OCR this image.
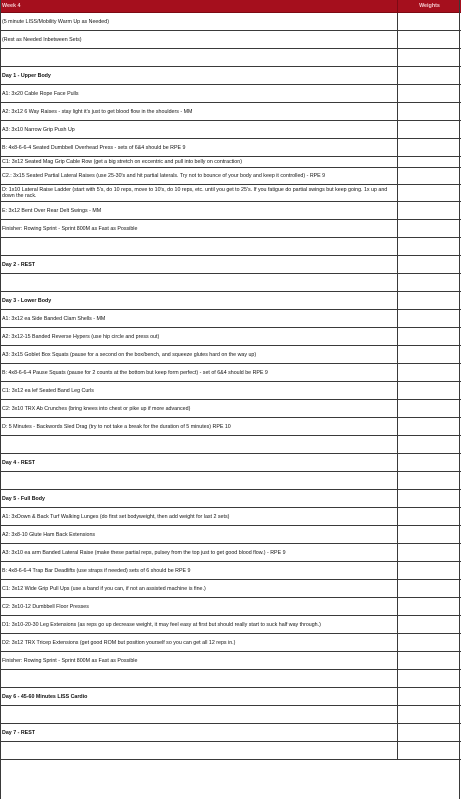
Week 4	Weights
(5 minute LISS/Mobility Warm Up as Needed)
(Rest as Needed Inbetween Sets)
Day 1 - Upper Body
A1: 3x20 Cable Rope Face Pulls
A2: 3x12 6 Way Raises - stay light it's just to get blood flow in the shoulders - MM
A3: 3x10 Narrow Grip Push Up
B: 4x8-6-6-4 Seated Dumbbell Overhead Press - sets of 6&4 should be RPE 9
C1: 3x12 Seated Mag Grip Cable Row (get a big stretch on eccentric and pull into belly on contraction)
C2.: 3x15 Seated Partial Lateral Raises (use 25-30's and hit partial laterals. Try not to bounce of your body and keep it controlled) - RPE 9
D: 1x10 Lateral Raise Ladder (start with 5's, do 10 reps, move to 10's, do 10 reps, etc. until you get to 25's. If you fatigue do partial swings but keep going. 1x up and down the rack.
E: 3x12 Bent Over Rear Delt Swings - MM
Finisher: Rowing Sprint - Sprint 800M as Fast as Possible
Day 2 - REST
Day 3 - Lower Body
A1: 3x12 ea Side Banded Clam Shells - MM
A2: 3x12-15 Banded Reverse Hypers (use hip circle and press out)
A3: 3x15 Goblet Box Squats (pause for a second on the box/bench, and squeeze glutes hard on the way up)
B: 4x8-6-6-4 Pause Squats (pause for 2 counts at the bottom but keep form perfect) - set of 6&4 should be RPE 9
C1: 3x12 ea lef Seated Band Leg Curls
C2: 3x10 TRX Ab Crunches (bring knees into chest or pike up if more advanced)
D: 5 Minutes - Backwords Sled Drag (try to not take a break for the duration of 5 minutes) RPE 10
Day 4 - REST
Day 5 - Full Body
A1: 3xDown & Back Turf Walking Lunges (do first set bodyweight, then add weight for last 2 sets)
A2: 3x8-10 Glute Ham Back Extensions
A3: 3x10 ea arm Banded Lateral Raise (make these partial reps, pulsey from the top just to get good blood flow.) - RPE 9
B: 4x8-6-6-4 Trap Bar Deadlifts (use straps if needed) sets of 6 should be RPE 9
C1: 3x12 Wide Grip Pull Ups (use a band if you can, if not an assisted machine is fine.)
C2: 3x10-12 Dumbbell Floor Presses
D1: 3x10-20-30 Leg Extensions (as reps go up decrease weight, it may feel easy at first but should really start to suck half way through.)
D2: 3x12 TRX Tricep Extensions (get good ROM but position yourself so you can get all 12 reps in.)
Finisher: Rowing Sprint - Sprint 800M as Fast as Possible
Day 6 - 45-60 Minutes LISS Cardio
Day 7 - REST
